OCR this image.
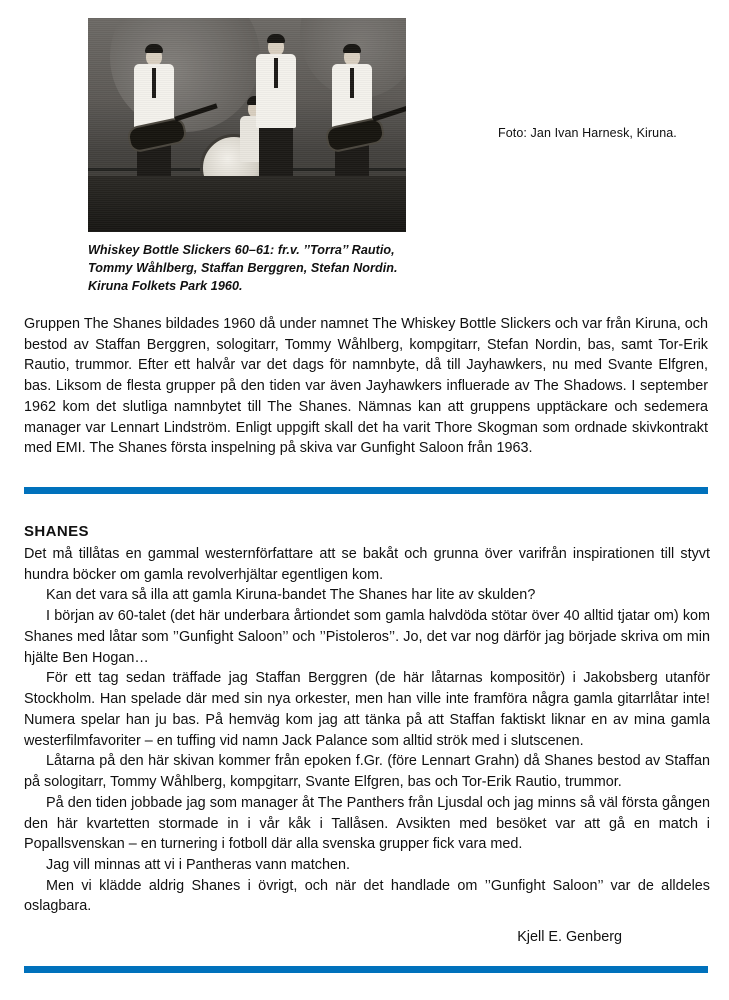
Foto: Jan Ivan Harnesk, Kiruna.
Whiskey Bottle Slickers 60–61: fr.v. ’’Torra’’ Rautio, Tommy Wåhlberg, Staffan Berggren, Stefan Nordin. Kiruna Folkets Park 1960.
Gruppen The Shanes bildades 1960 då under namnet The Whiskey Bottle Slickers och var från Kiruna, och bestod av Staffan Berggren, sologitarr, Tommy Wåhlberg, kompgitarr, Stefan Nordin, bas, samt Tor-Erik Rautio, trummor. Efter ett halvår var det dags för namnbyte, då till Jayhawkers, nu med Svante Elfgren, bas. Liksom de flesta grupper på den tiden var även Jayhawkers influerade av The Shadows. I september 1962 kom det slutliga namnbytet till The Shanes. Nämnas kan att gruppens upptäckare och sedemera manager var Lennart Lindström. Enligt uppgift skall det ha varit Thore Skogman som ordnade skivkontrakt med EMI. The Shanes första inspelning på skiva var Gunfight Saloon från 1963.
SHANES

Det må tillåtas en gammal westernförfattare att se bakåt och grunna över varifrån inspirationen till styvt hundra böcker om gamla revolverhjältar egentligen kom.

Kan det vara så illa att gamla Kiruna-bandet The Shanes har lite av skulden?

I början av 60-talet (det här underbara årtiondet som gamla halvdöda stötar över 40 alltid tjatar om) kom Shanes med låtar som ’’Gunfight Saloon’’ och ’’Pistoleros’’. Jo, det var nog därför jag började skriva om min hjälte Ben Hogan…

För ett tag sedan träffade jag Staffan Berggren (de här låtarnas kompositör) i Jakobsberg utanför Stockholm. Han spelade där med sin nya orkester, men han ville inte framföra några gamla gitarrlåtar inte! Numera spelar han ju bas. På hemväg kom jag att tänka på att Staffan faktiskt liknar en av mina gamla westerfilmfavoriter – en tuffing vid namn Jack Palance som alltid strök med i slutscenen.

Låtarna på den här skivan kommer från epoken f.Gr. (före Lennart Grahn) då Shanes bestod av Staffan på sologitarr, Tommy Wåhlberg, kompgitarr, Svante Elfgren, bas och Tor-Erik Rautio, trummor.

På den tiden jobbade jag som manager åt The Panthers från Ljusdal och jag minns så väl första gången den här kvartetten stormade in i vår kåk i Tallåsen. Avsikten med besöket var att gå en match i Popallsvenskan – en turnering i fotboll där alla svenska grupper fick vara med.

Jag vill minnas att vi i Pantheras vann matchen.

Men vi klädde aldrig Shanes i övrigt, och när det handlade om ’’Gunfight Saloon’’ var de alldeles oslagbara.

Kjell E. Genberg
